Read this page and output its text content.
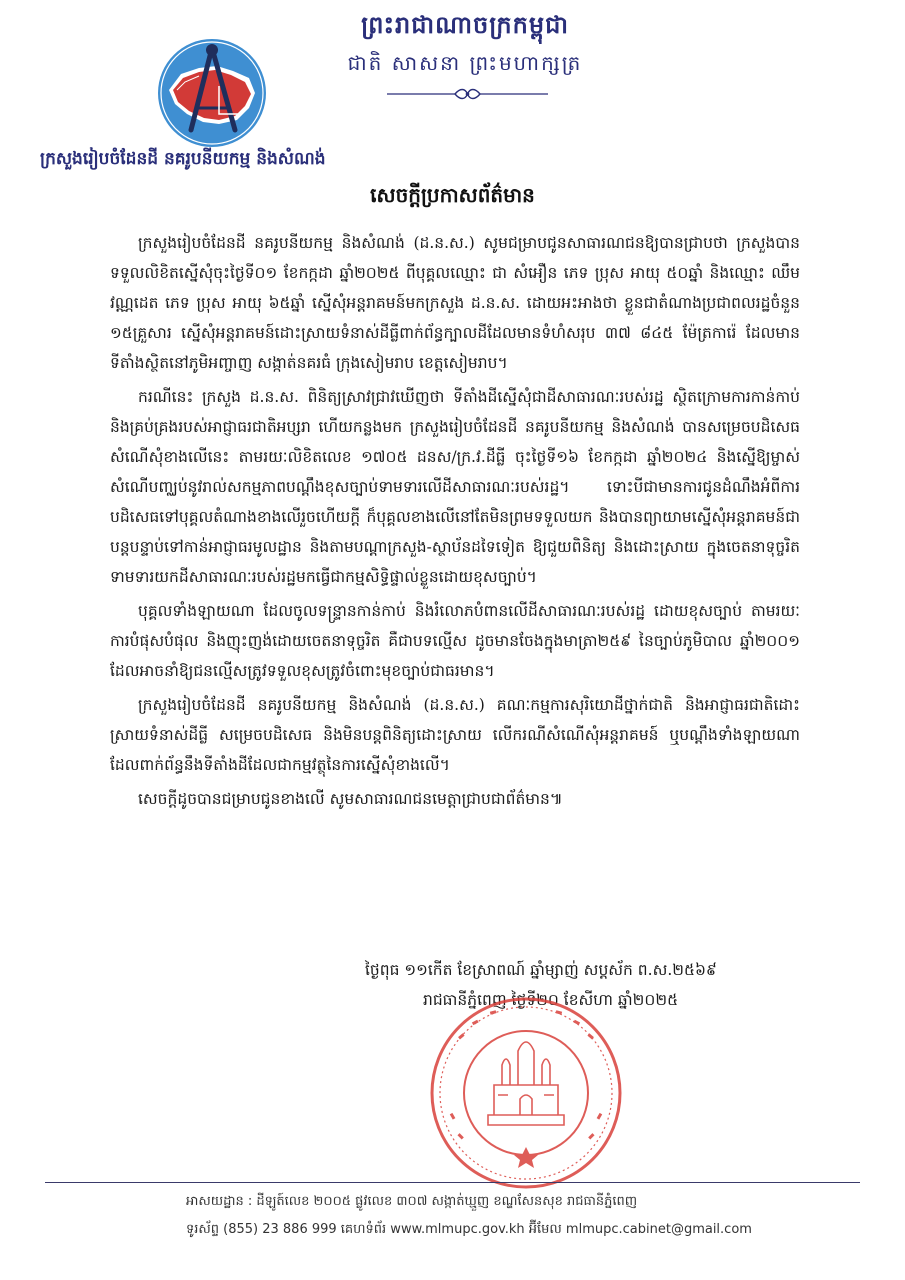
ព្រះរាជាណាចក្រកម្ពុជា
ជាតិ សាសនា ព្រះមហាក្សត្រ
ក្រសួងរៀបចំដែនដី នគរូបនីយកម្ម និងសំណង់
សេចក្តីប្រកាសព័ត៌មាន

ក្រសួងរៀបចំដែនដី នគរូបនីយកម្ម និងសំណង់ (ដ.ន.ស.) សូមជម្រាបជូនសាធារណជនឱ្យបានជ្រាបថា ក្រសួងបានទទួលលិខិតស្នើសុំចុះថ្ងៃទី០១ ខែកក្កដា ឆ្នាំ២០២៥ ពីបុគ្គលឈ្មោះ ជា សំអឿន ភេទ ប្រុស អាយុ ៥០ឆ្នាំ និងឈ្មោះ ឈឹម វណ្ណដេត ភេទ ប្រុស អាយុ ៦៥ឆ្នាំ ស្នើសុំអន្តរាគមន៍មកក្រសួង ដ.ន.ស. ដោយអះអាងថា ខ្លួនជាតំណាងប្រជាពលរដ្ឋចំនួន ១៥គ្រួសារ ស្នើសុំអន្តរាគមន៍ដោះស្រាយទំនាស់ដីធ្លីពាក់ព័ន្ធក្បាលដីដែលមានទំហំសរុប ៣៧ ៨៤៥ ម៉ែត្រការ៉េ ដែលមានទីតាំងស្ថិតនៅភូមិអញ្ចាញ សង្កាត់នគរធំ ក្រុងសៀមរាប ខេត្តសៀមរាប។

ករណីនេះ ក្រសួង ដ.ន.ស. ពិនិត្យស្រាវជ្រាវឃើញថា ទីតាំងដីស្នើសុំជាដីសាធារណៈរបស់រដ្ឋ ស្ថិតក្រោមការកាន់កាប់និងគ្រប់គ្រងរបស់អាជ្ញាធរជាតិអប្សរា ហើយកន្លងមក ក្រសួងរៀបចំដែនដី នគរូបនីយកម្ម និងសំណង់ បានសម្រេចបដិសេធសំណើសុំខាងលើនេះ តាមរយៈលិខិតលេខ ១៧០៥ ដនស/ក្រ.វ.ដីធ្លី ចុះថ្ងៃទី១៦ ខែកក្កដា ឆ្នាំ២០២៤ និងស្នើឱ្យម្ចាស់សំណើបញ្ឈប់នូវរាល់សកម្មភាពបណ្តឹងខុសច្បាប់ទាមទារលើដីសាធារណៈរបស់រដ្ឋ។ ទោះបីជាមានការជូនដំណឹងអំពីការបដិសេធទៅបុគ្គលតំណាងខាងលើរួចហើយក្តី ក៏បុគ្គលខាងលើនៅតែមិនព្រមទទួលយក និងបានព្យាយាមស្នើសុំអន្តរាគមន៍ជាបន្តបន្ទាប់ទៅកាន់អាជ្ញាធរមូលដ្ឋាន និងតាមបណ្តាក្រសួង-ស្ថាប័នដទៃទៀត ឱ្យជួយពិនិត្យ និងដោះស្រាយ ក្នុងចេតនាទុច្ចរិតទាមទារយកដីសាធារណៈរបស់រដ្ឋមកធ្វើជាកម្មសិទ្ធិផ្ទាល់ខ្លួនដោយខុសច្បាប់។

បុគ្គលទាំងឡាយណា ដែលចូលទន្ទ្រានកាន់កាប់ និងរំលោភបំពានលើដីសាធារណៈរបស់រដ្ឋ ដោយខុសច្បាប់ តាមរយៈការបំផុសបំផុល និងញុះញង់ដោយចេតនាទុច្ចរិត គឺជាបទល្មើស ដូចមានចែងក្នុងមាត្រា២៥៩ នៃច្បាប់ភូមិបាល ឆ្នាំ២០០១ ដែលអាចនាំឱ្យជនល្មើសត្រូវទទួលខុសត្រូវចំពោះមុខច្បាប់ជាធរមាន។

ក្រសួងរៀបចំដែនដី នគរូបនីយកម្ម និងសំណង់ (ដ.ន.ស.) គណៈកម្មការសុរិយោដីថ្នាក់ជាតិ និងអាជ្ញាធរជាតិដោះស្រាយទំនាស់ដីធ្លី សម្រេចបដិសេធ និងមិនបន្តពិនិត្យដោះស្រាយ លើករណីសំណើសុំអន្តរាគមន៍ ឬបណ្តឹងទាំងឡាយណា ដែលពាក់ព័ន្ធនឹងទីតាំងដីដែលជាកម្មវត្ថុនៃការស្នើសុំខាងលើ។

សេចក្តីដូចបានជម្រាបជូនខាងលើ សូមសាធារណជនមេត្តាជ្រាបជាព័ត៌មាន៕

ថ្ងៃពុធ ១១កើត ខែស្រាពណ៍ ឆ្នាំម្សាញ់ សប្តស័ក ព.ស.២៥៦៩
រាជធានីភ្នំពេញ ថ្ងៃទី២០ ខែសីហា ឆ្នាំ២០២៥
អាសយដ្ឋាន : ដីឡូត៍លេខ ២០០៥ ផ្លូវលេខ ៣០៧ សង្កាត់ឃ្មួញ ខណ្ឌសែនសុខ រាជធានីភ្នំពេញ
ទូរស័ព្ទ (855) 23 886 999 គេហទំព័រ www.mlmupc.gov.kh អ៊ីមែល mlmupc.cabinet@gmail.com
